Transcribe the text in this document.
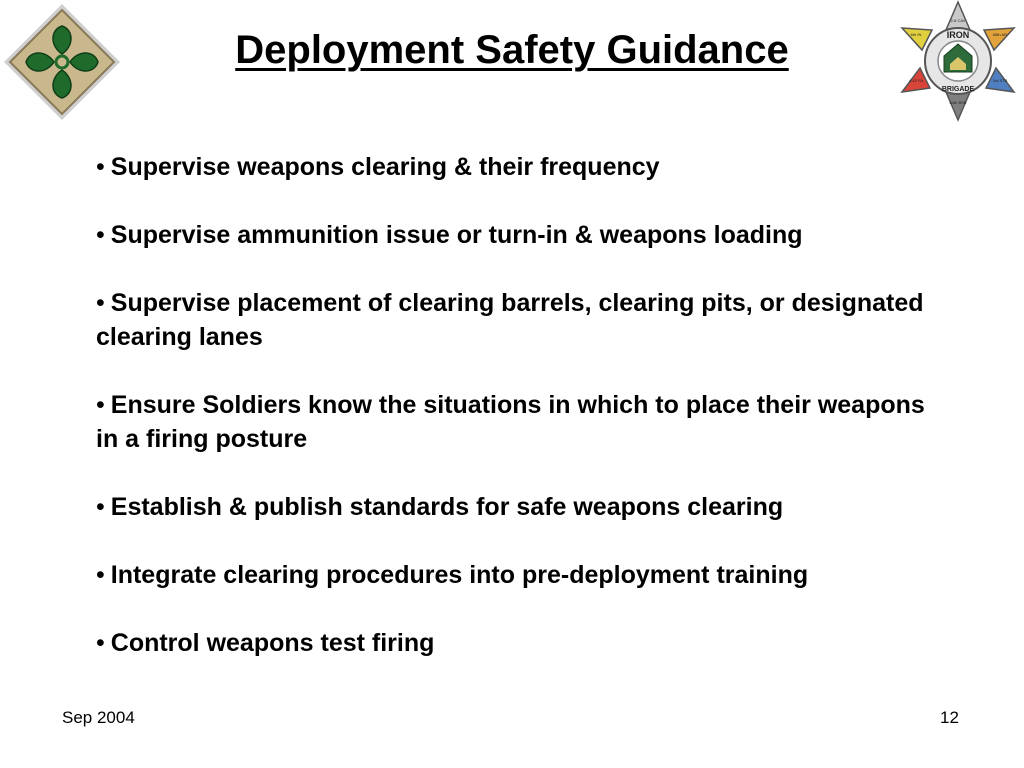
Deployment Safety Guidance	IRON
BRIGADE
2-8 CAV
68th AR
3rd STB
64th BSB
4-42 FA
6th IN
• Supervise weapons clearing & their frequency
• Supervise ammunition issue or turn-in & weapons loading
• Supervise placement of clearing barrels, clearing pits, or designated clearing lanes
• Ensure Soldiers know the situations in which to place their weapons in a firing posture
• Establish & publish standards for safe weapons clearing
• Integrate clearing procedures into pre-deployment training
• Control weapons test firing
Sep 2004	12
